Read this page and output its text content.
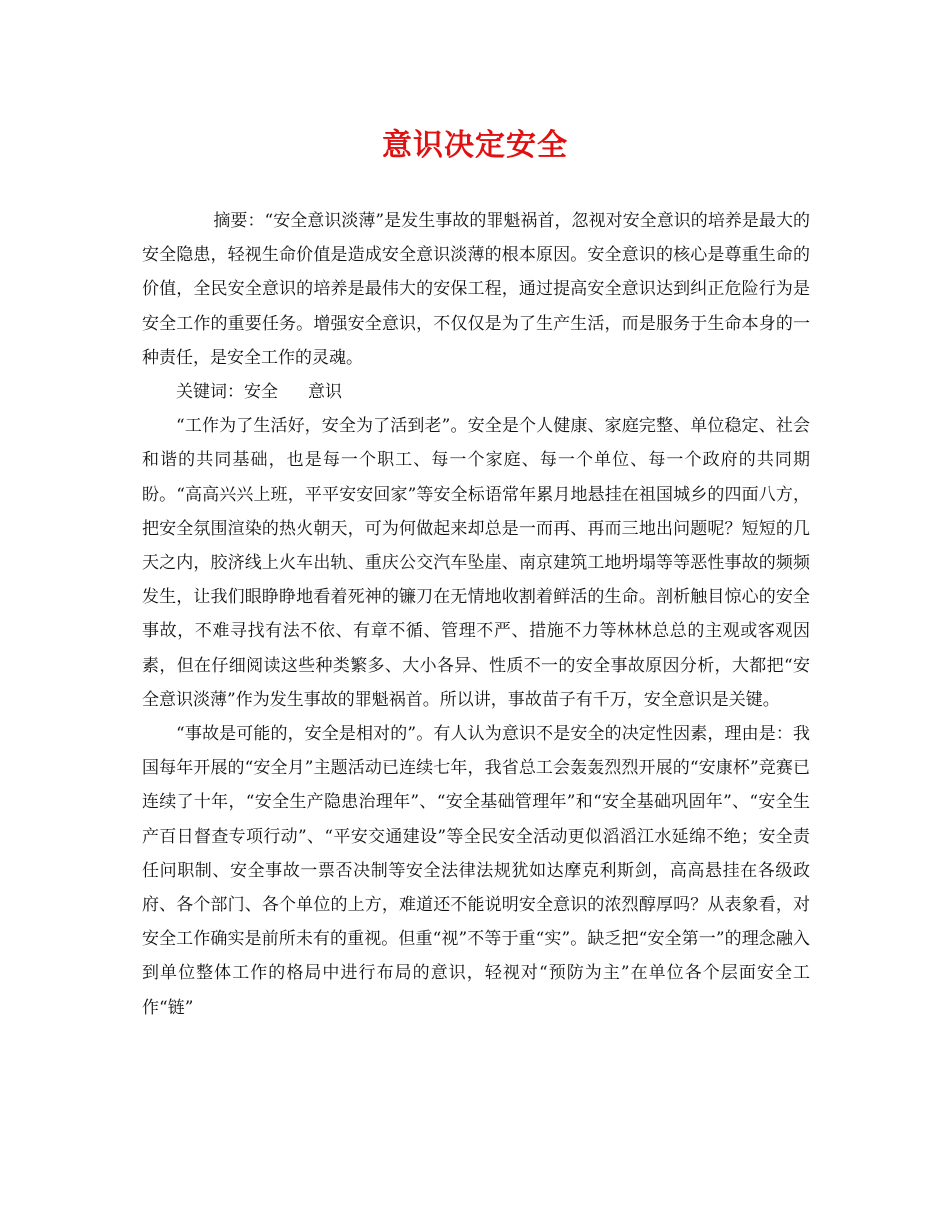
意识决定安全

摘要：“安全意识淡薄”是发生事故的罪魁祸首，忽视对安全意识的培养是最大的安全隐患，轻视生命价值是造成安全意识淡薄的根本原因。安全意识的核心是尊重生命的价值，全民安全意识的培养是最伟大的安保工程，通过提高安全意识达到纠正危险行为是安全工作的重要任务。增强安全意识，不仅仅是为了生产生活，而是服务于生命本身的一种责任，是安全工作的灵魂。

关键词：安全 意识

“工作为了生活好，安全为了活到老”。安全是个人健康、家庭完整、单位稳定、社会和谐的共同基础，也是每一个职工、每一个家庭、每一个单位、每一个政府的共同期盼。“高高兴兴上班，平平安安回家”等安全标语常年累月地悬挂在祖国城乡的四面八方，把安全氛围渲染的热火朝天，可为何做起来却总是一而再、再而三地出问题呢？短短的几天之内，胶济线上火车出轨、重庆公交汽车坠崖、南京建筑工地坍塌等等恶性事故的频频发生，让我们眼睁睁地看着死神的镰刀在无情地收割着鲜活的生命。剖析触目惊心的安全事故，不难寻找有法不依、有章不循、管理不严、措施不力等林林总总的主观或客观因素，但在仔细阅读这些种类繁多、大小各异、性质不一的安全事故原因分析，大都把“安全意识淡薄”作为发生事故的罪魁祸首。所以讲，事故苗子有千万，安全意识是关键。

“事故是可能的，安全是相对的”。有人认为意识不是安全的决定性因素，理由是：我国每年开展的“安全月”主题活动已连续七年，我省总工会轰轰烈烈开展的“安康杯”竞赛已连续了十年，“安全生产隐患治理年”、“安全基础管理年”和“安全基础巩固年”、“安全生产百日督查专项行动”、“平安交通建设”等全民安全活动更似滔滔江水延绵不绝；安全责任问职制、安全事故一票否决制等安全法律法规犹如达摩克利斯剑，高高悬挂在各级政府、各个部门、各个单位的上方，难道还不能说明安全意识的浓烈醇厚吗？从表象看，对安全工作确实是前所未有的重视。但重“视”不等于重“实”。缺乏把“安全第一”的理念融入到单位整体工作的格局中进行布局的意识，轻视对“预防为主”在单位各个层面安全工作“链”
